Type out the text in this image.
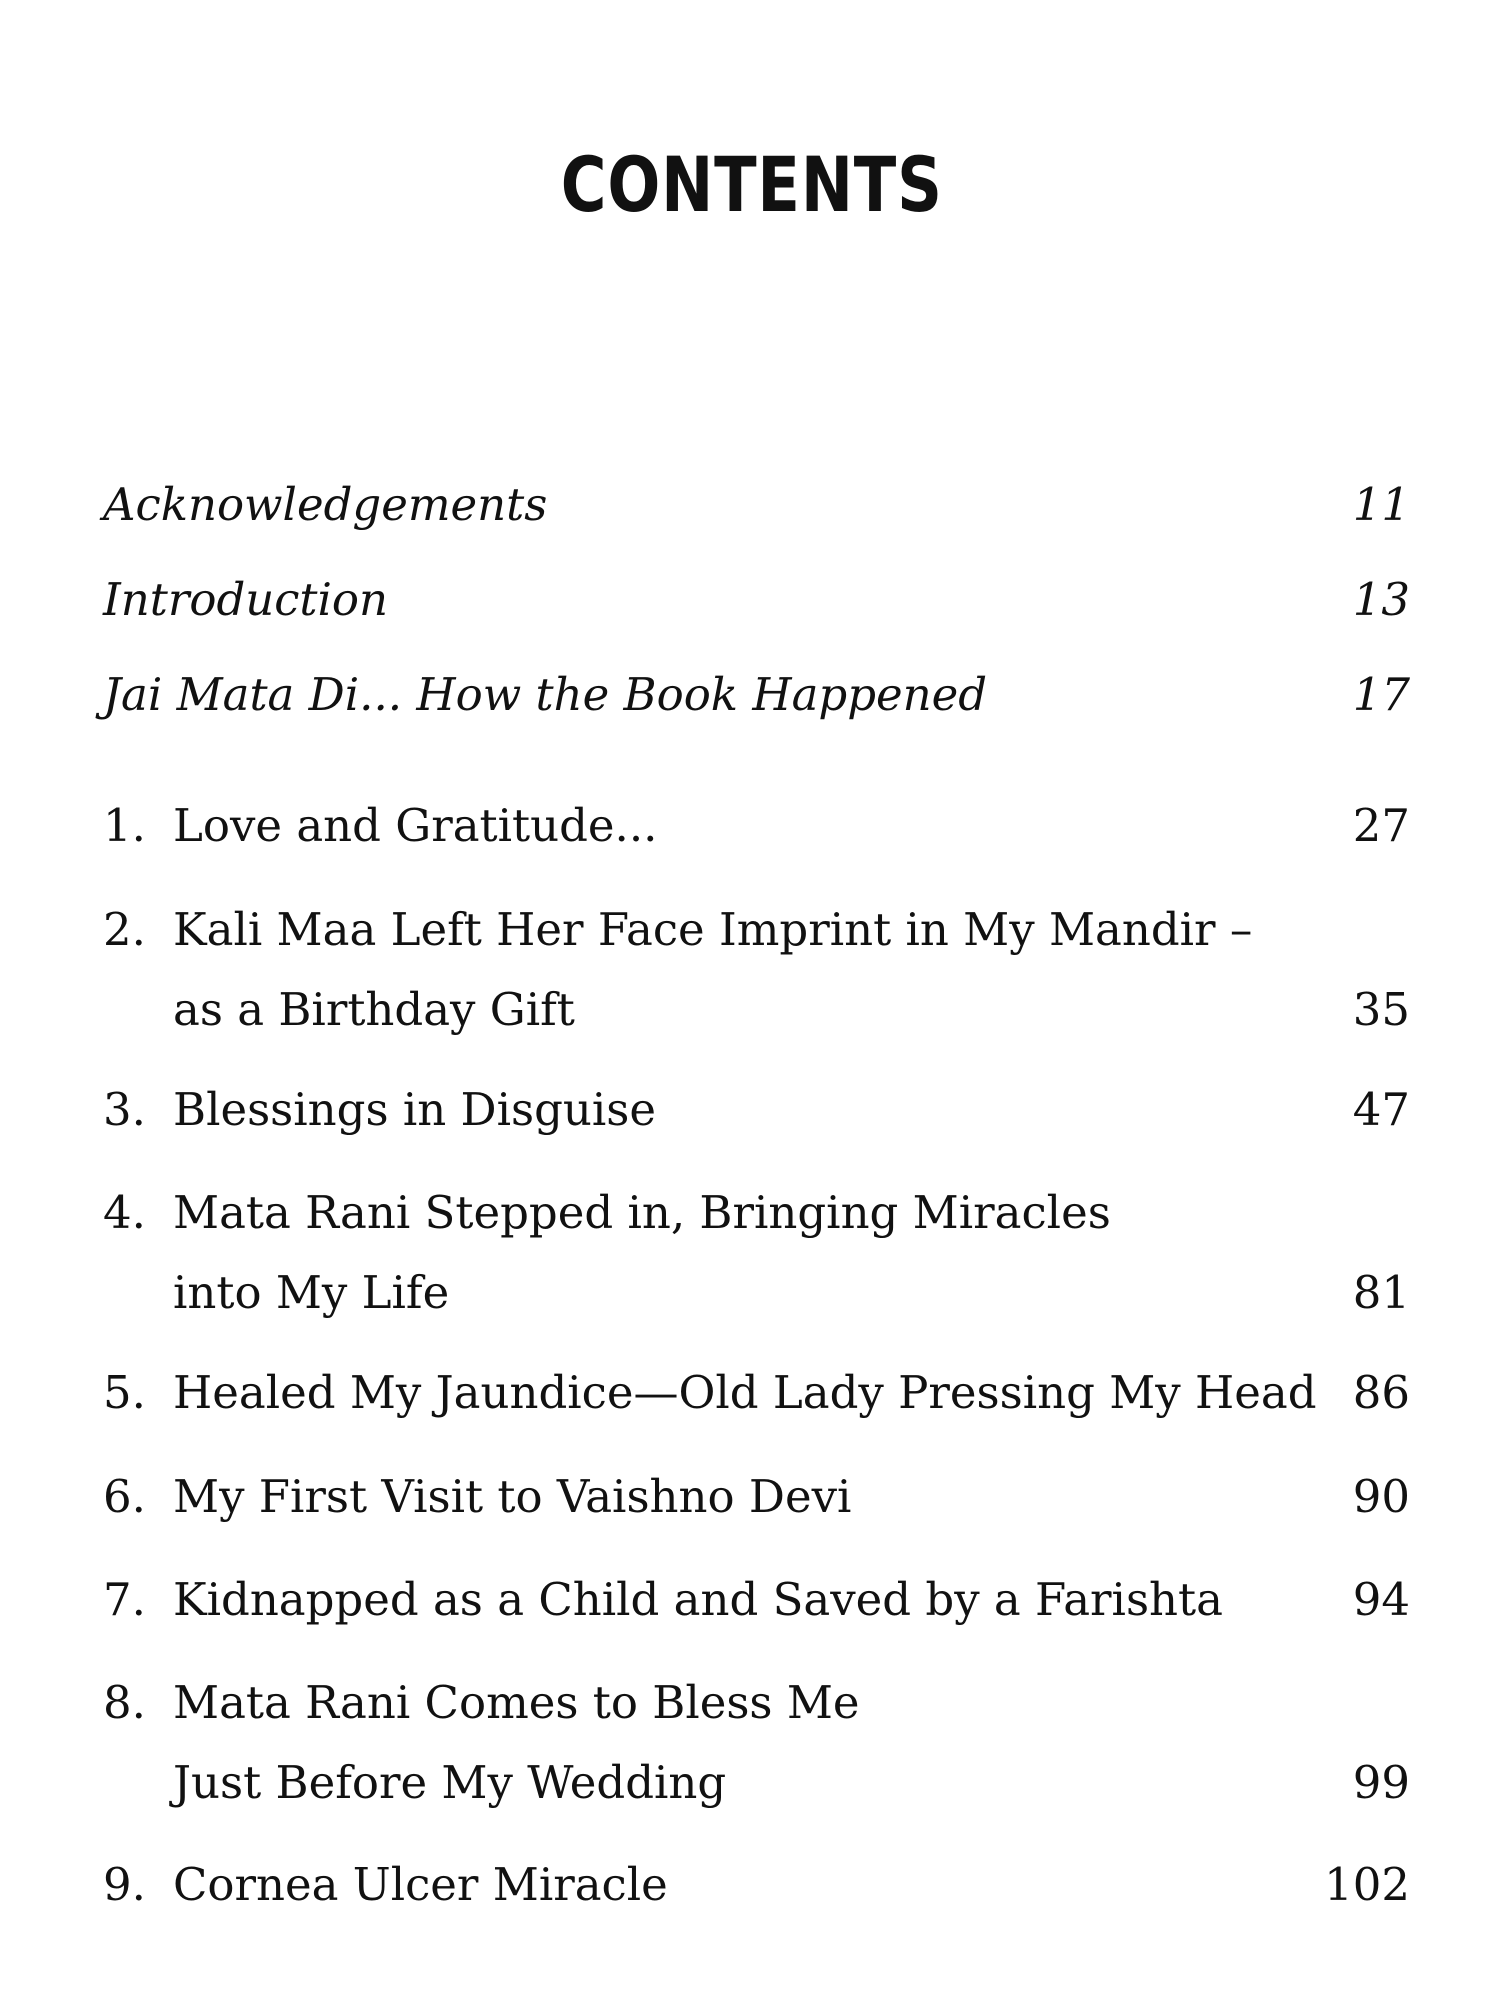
CONTENTS
Acknowledgements	11
Introduction	13
Jai Mata Di... How the Book Happened	17
1. Love and Gratitude...	27
2. Kali Maa Left Her Face Imprint in My Mandir –
as a Birthday Gift	35
3. Blessings in Disguise	47
4. Mata Rani Stepped in, Bringing Miracles
into My Life	81
5. Healed My Jaundice—Old Lady Pressing My Head 86
6. My First Visit to Vaishno Devi	90
7. Kidnapped as a Child and Saved by a Farishta	94
8. Mata Rani Comes to Bless Me
Just Before My Wedding	99
9. Cornea Ulcer Miracle	102
